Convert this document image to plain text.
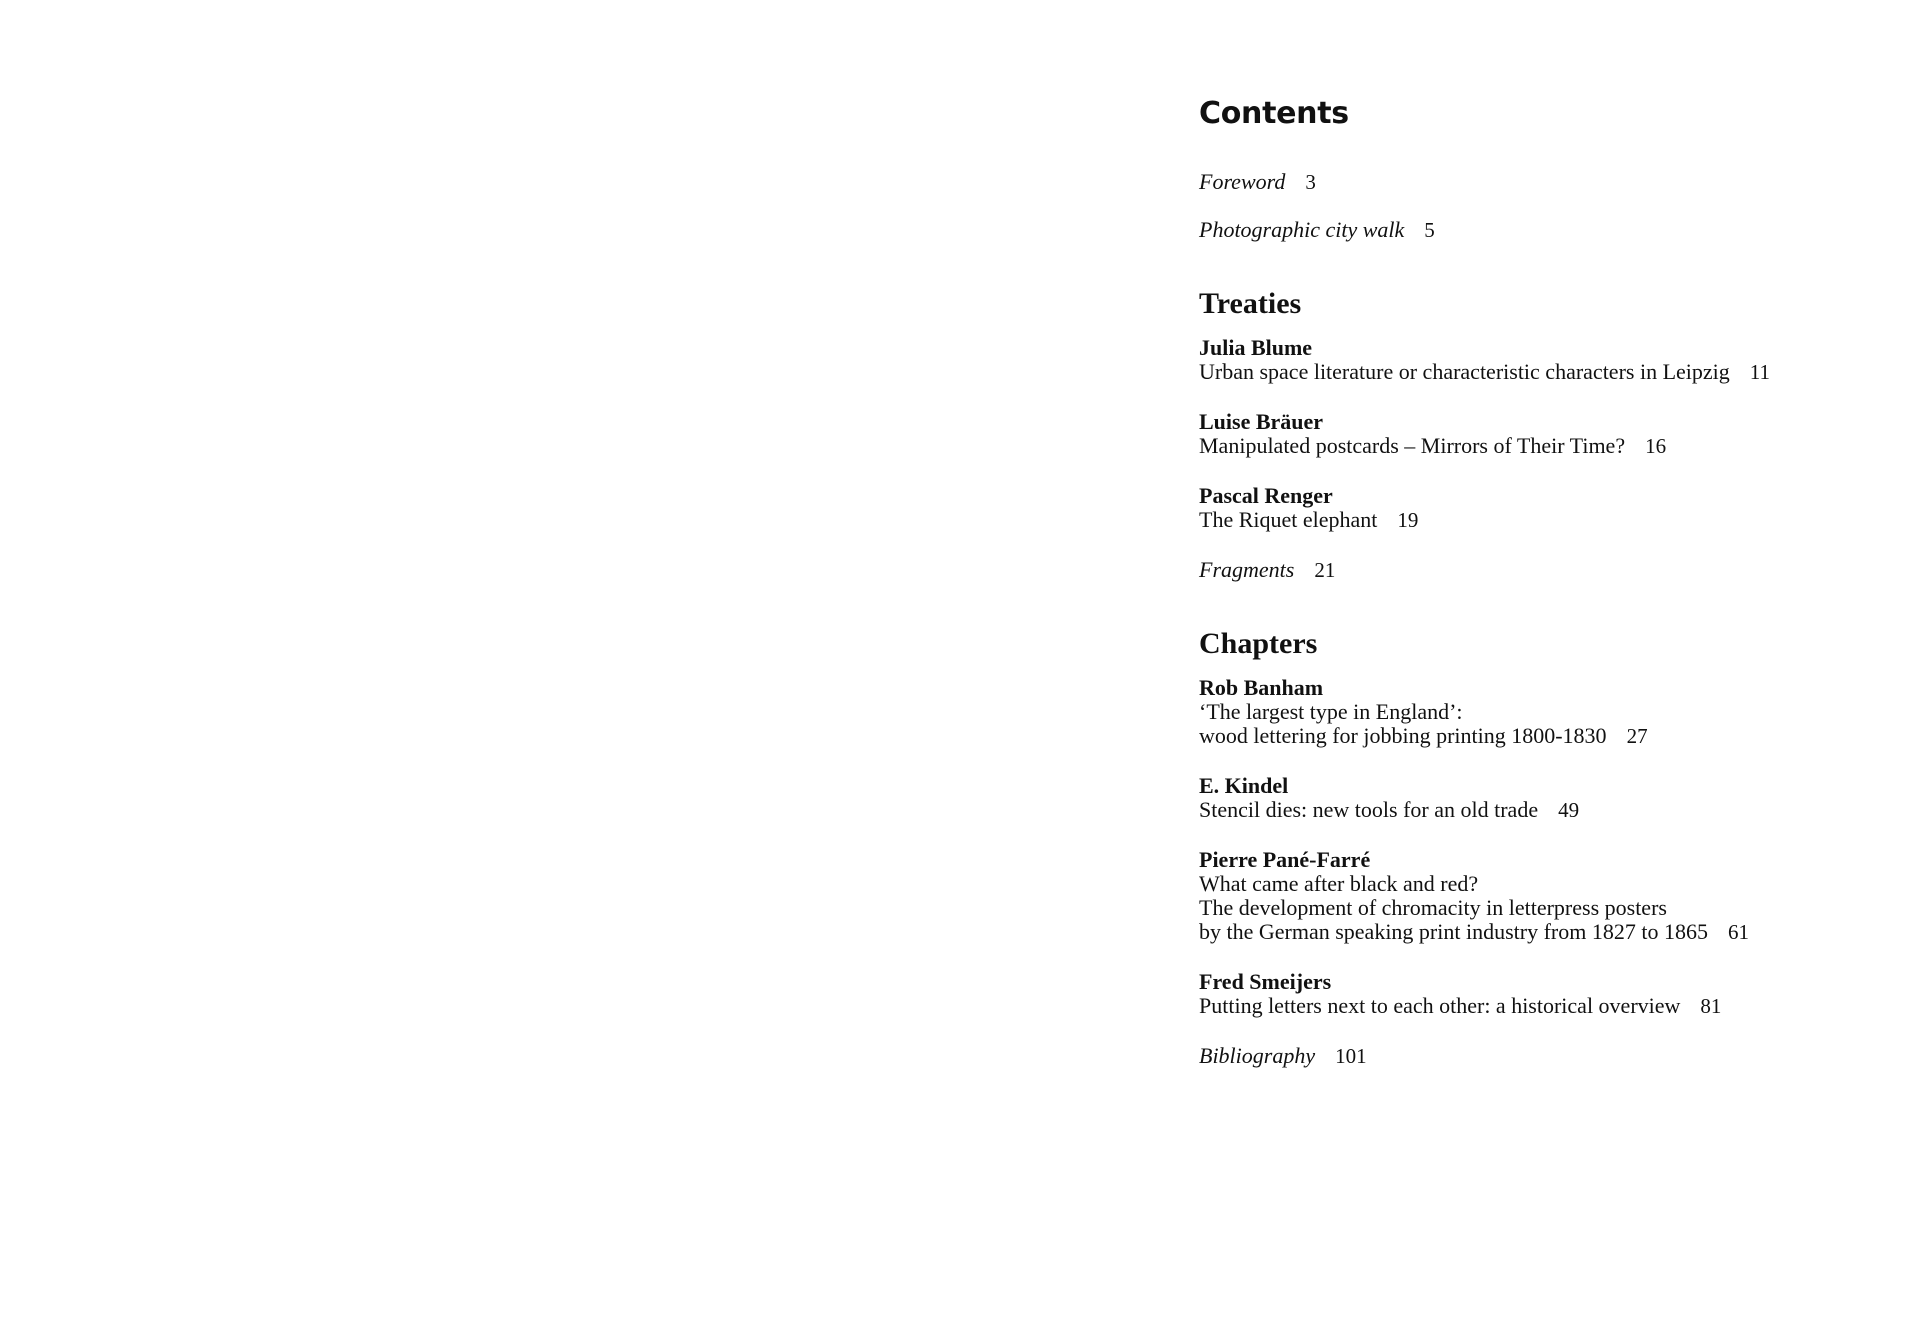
Contents
Foreword 3
Photographic city walk 5
Treaties
Julia Blume
Urban space literature or characteristic characters in Leipzig 11
Luise Bräuer
Manipulated postcards – Mirrors of Their Time? 16
Pascal Renger
The Riquet elephant 19
Fragments 21
Chapters
Rob Banham
‘The largest type in England’:
wood lettering for jobbing printing 1800-1830 27
E. Kindel
Stencil dies: new tools for an old trade 49
Pierre Pané-Farré
What came after black and red?
The development of chromacity in letterpress posters
by the German speaking print industry from 1827 to 1865 61
Fred Smeijers
Putting letters next to each other: a historical overview 81
Bibliography 101
